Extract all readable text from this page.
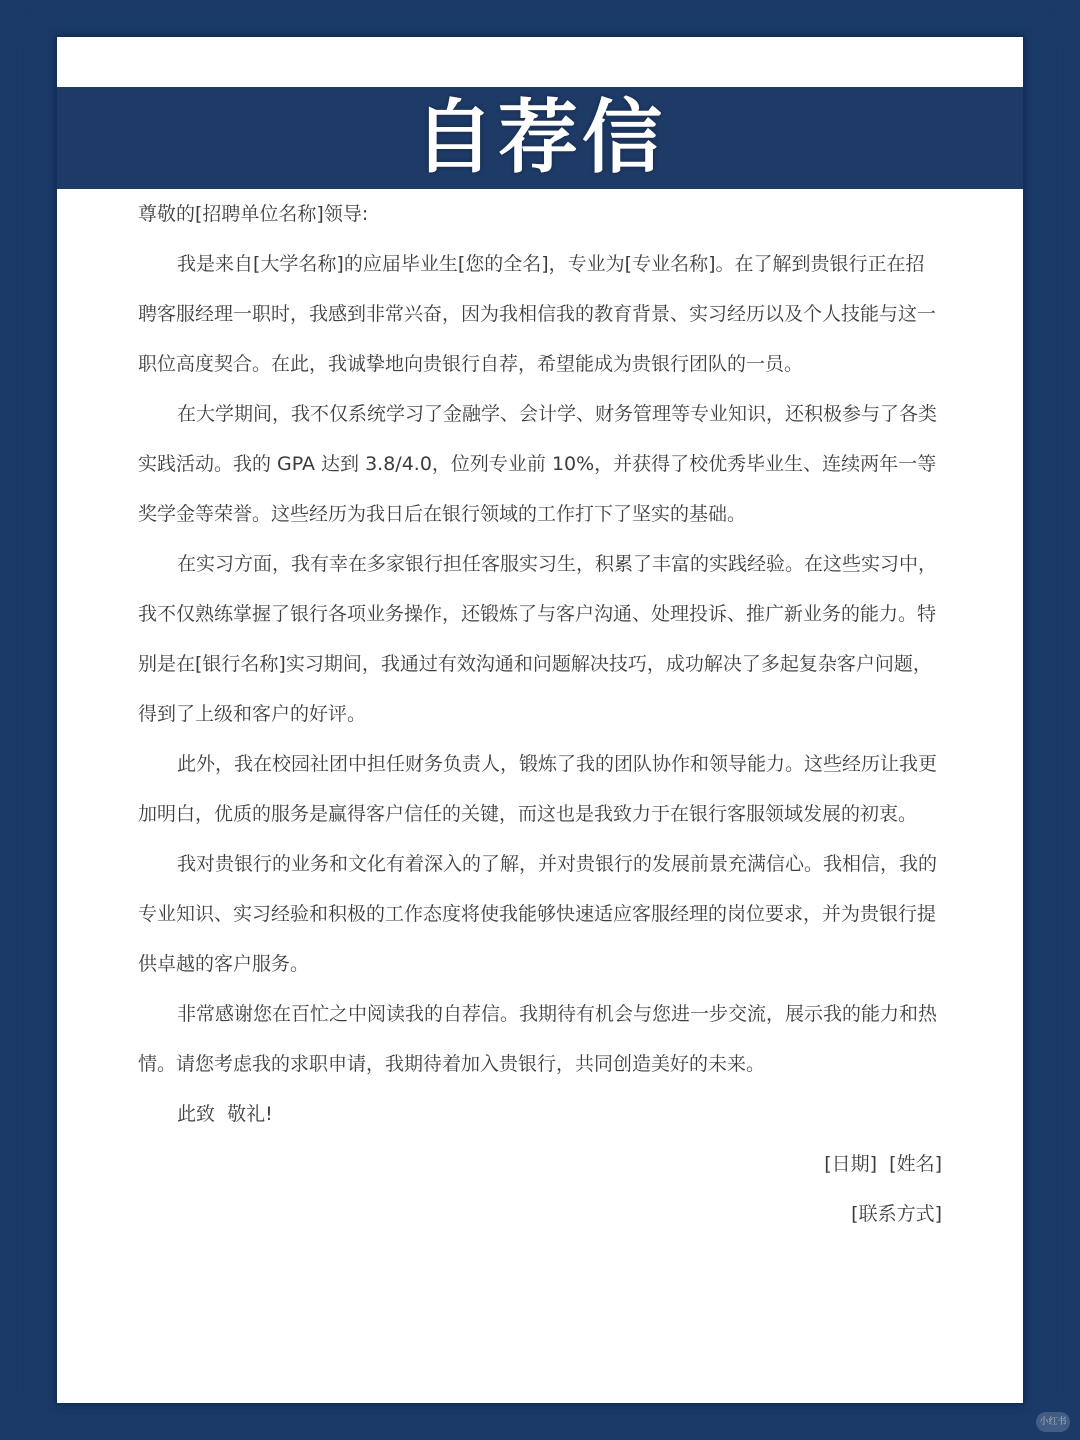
自荐信

尊敬的[招聘单位名称]领导:

我是来自[大学名称]的应届毕业生[您的全名]，专业为[专业名称]。在了解到贵银行正在招聘客服经理一职时，我感到非常兴奋，因为我相信我的教育背景、实习经历以及个人技能与这一职位高度契合。在此，我诚挚地向贵银行自荐，希望能成为贵银行团队的一员。

在大学期间，我不仅系统学习了金融学、会计学、财务管理等专业知识，还积极参与了各类实践活动。我的 GPA 达到 3.8/4.0，位列专业前 10%，并获得了校优秀毕业生、连续两年一等奖学金等荣誉。这些经历为我日后在银行领域的工作打下了坚实的基础。

在实习方面，我有幸在多家银行担任客服实习生，积累了丰富的实践经验。在这些实习中，我不仅熟练掌握了银行各项业务操作，还锻炼了与客户沟通、处理投诉、推广新业务的能力。特别是在[银行名称]实习期间，我通过有效沟通和问题解决技巧，成功解决了多起复杂客户问题，得到了上级和客户的好评。

此外，我在校园社团中担任财务负责人，锻炼了我的团队协作和领导能力。这些经历让我更加明白，优质的服务是赢得客户信任的关键，而这也是我致力于在银行客服领域发展的初衷。

我对贵银行的业务和文化有着深入的了解，并对贵银行的发展前景充满信心。我相信，我的专业知识、实习经验和积极的工作态度将使我能够快速适应客服经理的岗位要求，并为贵银行提供卓越的客户服务。

非常感谢您在百忙之中阅读我的自荐信。我期待有机会与您进一步交流，展示我的能力和热情。请您考虑我的求职申请，我期待着加入贵银行，共同创造美好的未来。

此致  敬礼!

[日期]  [姓名]

[联系方式]

小红书
